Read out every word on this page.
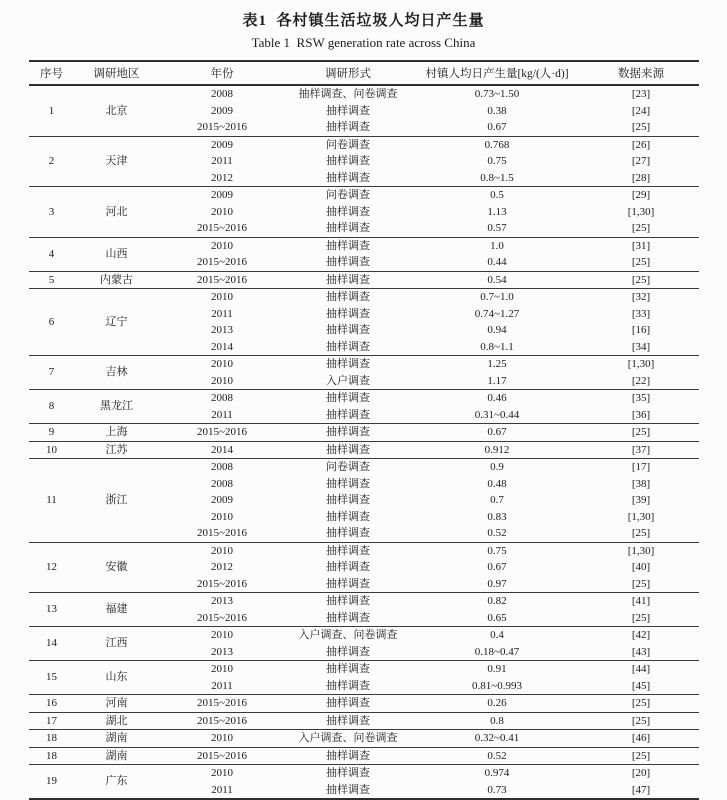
表1  各村镇生活垃圾人均日产生量
Table 1  RSW generation rate across China
序号	调研地区	年份	调研形式	村镇人均日产生量[kg/(人·d)]	数据来源
1	北京	2008	抽样调查、问卷调查	0.73~1.50	[23]
		2009	抽样调查	0.38	[24]
		2015~2016	抽样调查	0.67	[25]
2	天津	2009	问卷调查	0.768	[26]
		2011	抽样调查	0.75	[27]
		2012	抽样调查	0.8~1.5	[28]
3	河北	2009	问卷调查	0.5	[29]
		2010	抽样调查	1.13	[1,30]
		2015~2016	抽样调查	0.57	[25]
4	山西	2010	抽样调查	1.0	[31]
		2015~2016	抽样调查	0.44	[25]
5	内蒙古	2015~2016	抽样调查	0.54	[25]
6	辽宁	2010	抽样调查	0.7~1.0	[32]
		2011	抽样调查	0.74~1.27	[33]
		2013	抽样调查	0.94	[16]
		2014	抽样调查	0.8~1.1	[34]
7	吉林	2010	抽样调查	1.25	[1,30]
		2010	入户调查	1.17	[22]
8	黑龙江	2008	抽样调查	0.46	[35]
		2011	抽样调查	0.31~0.44	[36]
9	上海	2015~2016	抽样调查	0.67	[25]
10	江苏	2014	抽样调查	0.912	[37]
11	浙江	2008	问卷调查	0.9	[17]
		2008	抽样调查	0.48	[38]
		2009	抽样调查	0.7	[39]
		2010	抽样调查	0.83	[1,30]
		2015~2016	抽样调查	0.52	[25]
12	安徽	2010	抽样调查	0.75	[1,30]
		2012	抽样调查	0.67	[40]
		2015~2016	抽样调查	0.97	[25]
13	福建	2013	抽样调查	0.82	[41]
		2015~2016	抽样调查	0.65	[25]
14	江西	2010	入户调查、问卷调查	0.4	[42]
		2013	抽样调查	0.18~0.47	[43]
15	山东	2010	抽样调查	0.91	[44]
		2011	抽样调查	0.81~0.993	[45]
16	河南	2015~2016	抽样调查	0.26	[25]
17	湖北	2015~2016	抽样调查	0.8	[25]
18	湖南	2010	入户调查、问卷调查	0.32~0.41	[46]
18	湖南	2015~2016	抽样调查	0.52	[25]
19	广东	2010	抽样调查	0.974	[20]
		2011	抽样调查	0.73	[47]
